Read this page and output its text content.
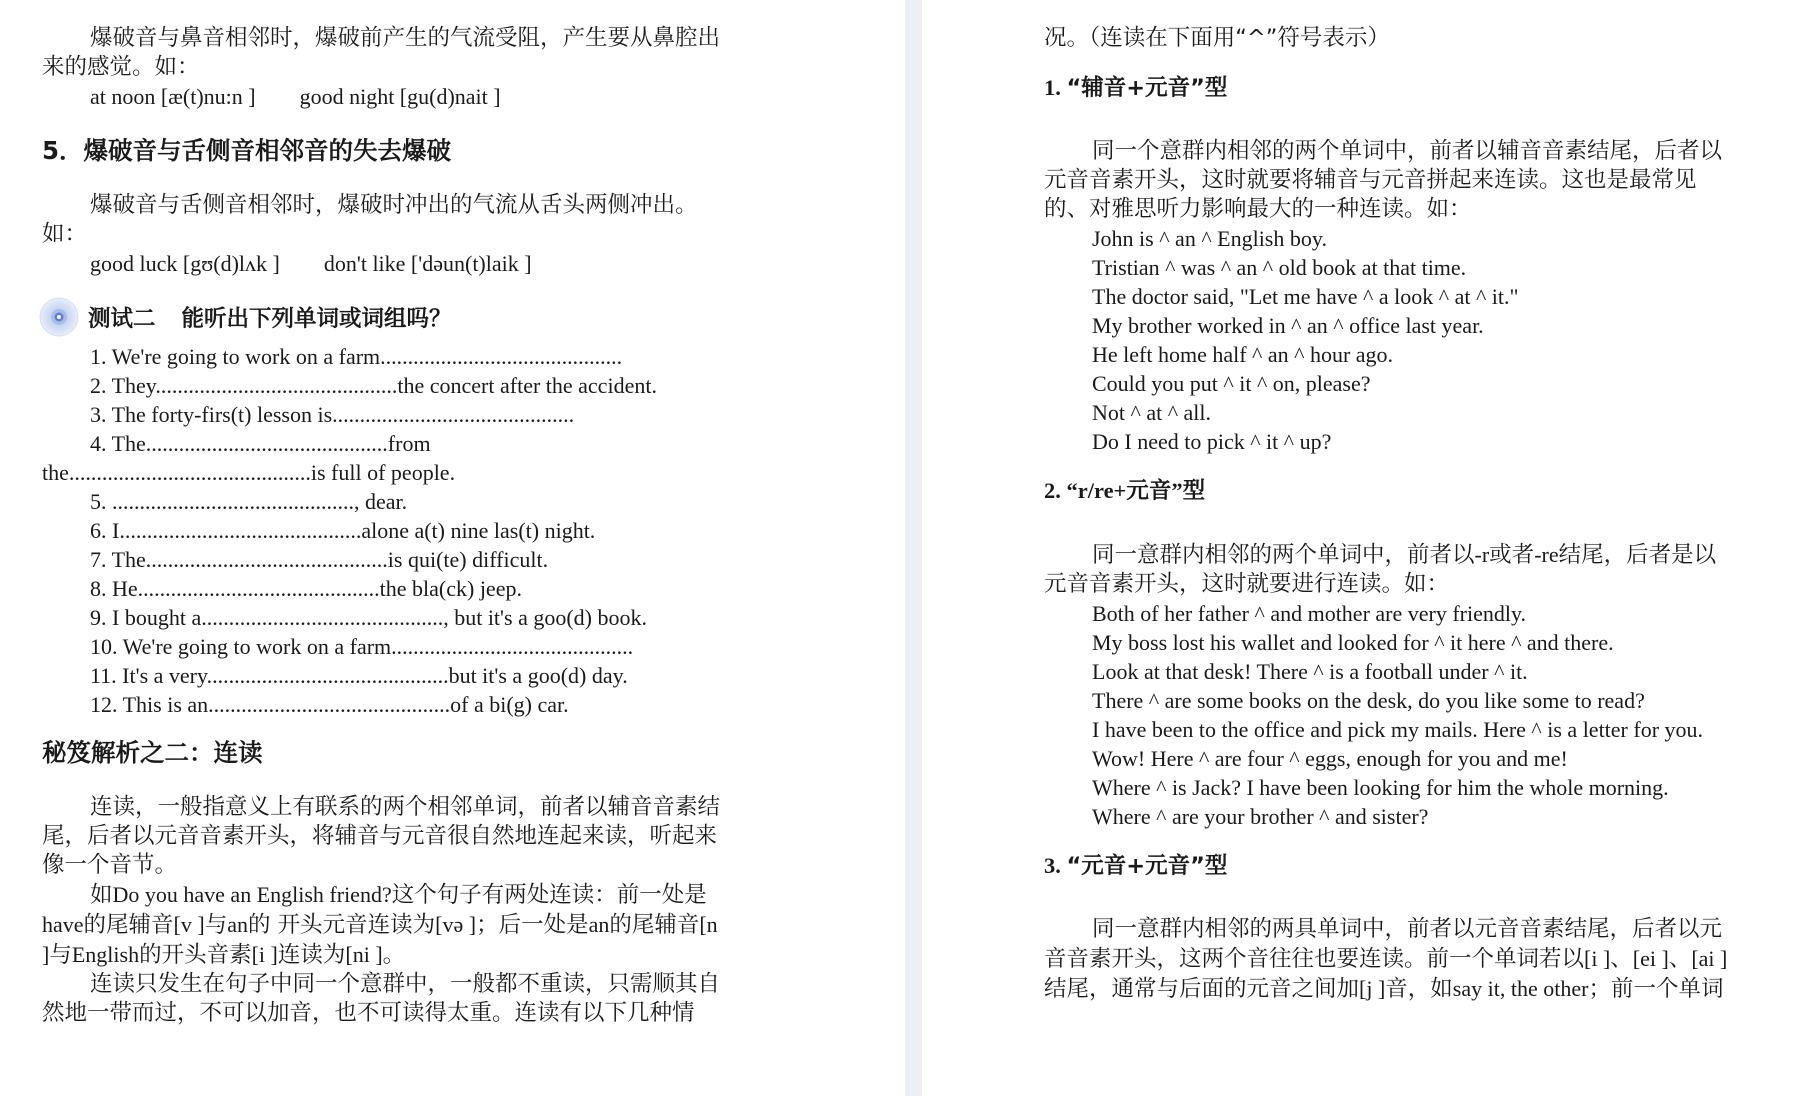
爆破音与鼻音相邻时，爆破前产生的气流受阻，产生要从鼻腔出

来的感觉。如：

at noon [æ(t)nu:n ]        good night [gu(d)nait ]

5．爆破音与舌侧音相邻音的失去爆破

爆破音与舌侧音相邻时，爆破时冲出的气流从舌头两侧冲出。

如：

good luck [gʊ(d)lʌk ]        don't like ['dəun(t)laik ]

测试二 能听出下列单词或词组吗？

1. We're going to work on a farm............................................

2. They............................................the concert after the accident.

3. The forty-firs(t) lesson is............................................

4. The............................................from

the............................................is full of people.

5. ............................................, dear.

6. I............................................alone a(t) nine las(t) night.

7. The............................................is qui(te) difficult.

8. He............................................the bla(ck) jeep.

9. I bought a............................................, but it's a goo(d) book.

10. We're going to work on a farm............................................

11. It's a very............................................but it's a goo(d) day.

12. This is an............................................of a bi(g) car.

秘笈解析之二：连读

连读，一般指意义上有联系的两个相邻单词，前者以辅音音素结

尾，后者以元音音素开头，将辅音与元音很自然地连起来读，听起来

像一个音节。

如Do you have an English friend?这个句子有两处连读：前一处是

have的尾辅音[v ]与an的 开头元音连读为[və ]；后一处是an的尾辅音[n

]与English的开头音素[i ]连读为[ni ]。

连读只发生在句子中同一个意群中，一般都不重读，只需顺其自

然地一带而过，不可以加音，也不可读得太重。连读有以下几种情

况。（连读在下面用“^”符号表示）

1. “辅音+元音”型

同一个意群内相邻的两个单词中，前者以辅音音素结尾，后者以

元音音素开头，这时就要将辅音与元音拼起来连读。这也是最常见

的、对雅思听力影响最大的一种连读。如：

John is ^ an ^ English boy.

Tristian ^ was ^ an ^ old book at that time.

The doctor said, "Let me have ^ a look ^ at ^ it."

My brother worked in ^ an ^ office last year.

He left home half ^ an ^ hour ago.

Could you put ^ it ^ on, please?

Not ^ at ^ all.

Do I need to pick ^ it ^ up?

2. “r/re+元音”型

同一意群内相邻的两个单词中，前者以-r或者-re结尾，后者是以

元音音素开头，这时就要进行连读。如：

Both of her father ^ and mother are very friendly.

My boss lost his wallet and looked for ^ it here ^ and there.

Look at that desk! There ^ is a football under ^ it.

There ^ are some books on the desk, do you like some to read?

I have been to the office and pick my mails. Here ^ is a letter for you.

Wow! Here ^ are four ^ eggs, enough for you and me!

Where ^ is Jack? I have been looking for him the whole morning.

Where ^ are your brother ^ and sister?

3. “元音+元音”型

同一意群内相邻的两具单词中，前者以元音音素结尾，后者以元

音音素开头，这两个音往往也要连读。前一个单词若以[i ]、[ei ]、[ai ]

结尾，通常与后面的元音之间加[j ]音，如say it, the other；前一个单词
